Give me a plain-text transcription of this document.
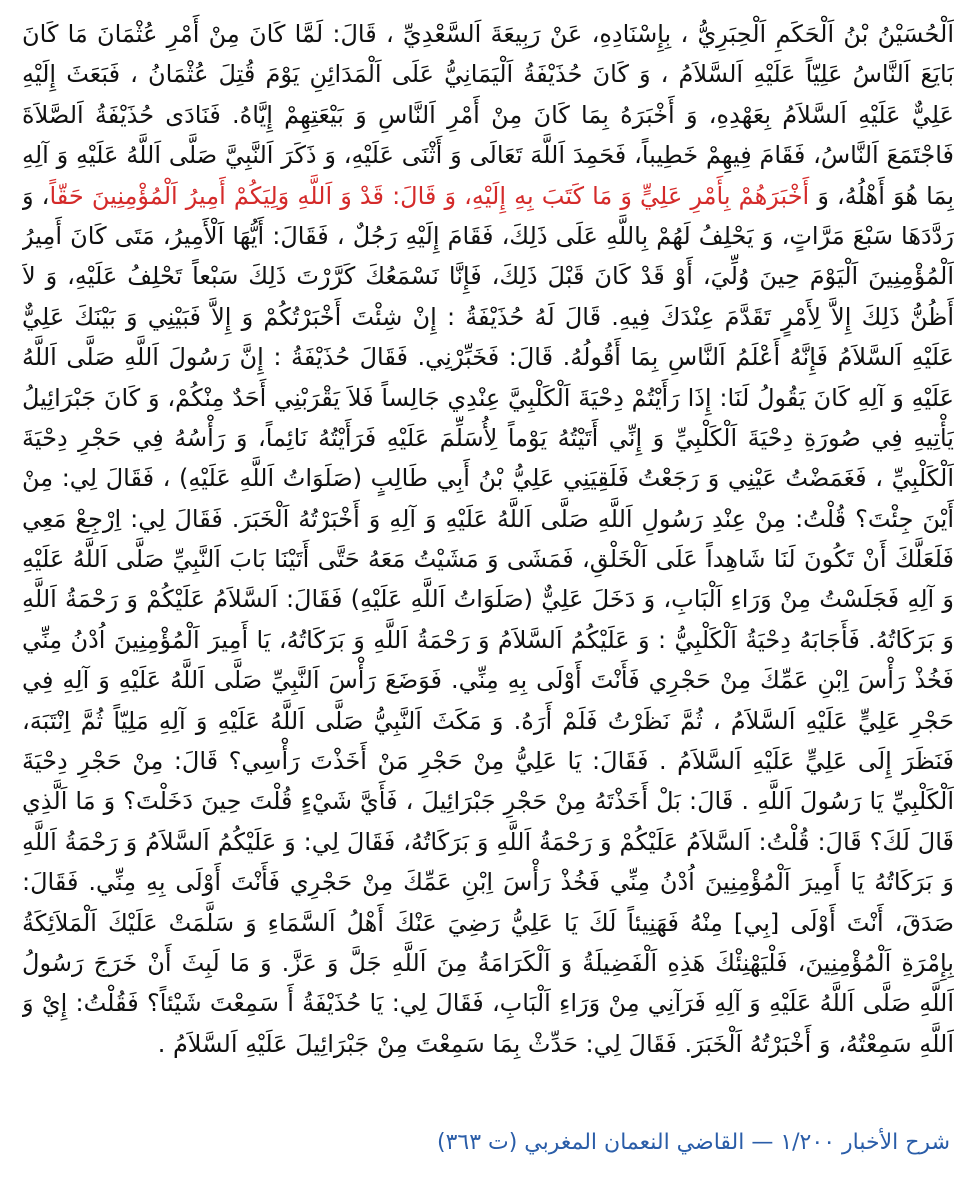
اَلْحُسَيْنُ بْنُ اَلْحَكَمِ اَلْحِبَرِيُّ ، بِإِسْنَادِهِ، عَنْ رَبِيعَةَ اَلسَّعْدِيِّ ، قَالَ: لَمَّا كَانَ مِنْ أَمْرِ عُثْمَانَ مَا كَانَ بَايَعَ اَلنَّاسُ عَلِيّاً عَلَيْهِ اَلسَّلاَمُ ، وَ كَانَ حُذَيْفَةُ اَلْيَمَانِيُّ عَلَى اَلْمَدَائِنِ يَوْمَ قُتِلَ عُثْمَانُ ، فَبَعَثَ إِلَيْهِ عَلِيٌّ عَلَيْهِ اَلسَّلاَمُ بِعَهْدِهِ، وَ أَخْبَرَهُ بِمَا كَانَ مِنْ أَمْرِ اَلنَّاسِ وَ بَيْعَتِهِمْ إِيَّاهُ. فَنَادَى حُذَيْفَةُ اَلصَّلاَةَ فَاجْتَمَعَ اَلنَّاسُ، فَقَامَ فِيهِمْ خَطِيباً، فَحَمِدَ اَللَّهَ تَعَالَى وَ أَثْنَى عَلَيْهِ، وَ ذَكَرَ اَلنَّبِيَّ صَلَّى اَللَّهُ عَلَيْهِ وَ آلِهِ بِمَا هُوَ أَهْلُهُ، وَ أَخْبَرَهُمْ بِأَمْرِ عَلِيٍّ وَ مَا كَتَبَ بِهِ إِلَيْهِ، وَ قَالَ: قَدْ وَ اَللَّهِ وَلِيَكُمْ أَمِيرُ اَلْمُؤْمِنِينَ حَقّاً، وَ رَدَّدَهَا سَبْعَ مَرَّاتٍ، وَ يَحْلِفُ لَهُمْ بِاللَّهِ عَلَى ذَلِكَ، فَقَامَ إِلَيْهِ رَجُلٌ ، فَقَالَ: أَيُّهَا اَلْأَمِيرُ، مَتَى كَانَ أَمِيرُ اَلْمُؤْمِنِينَ اَلْيَوْمَ حِينَ وُلِّيَ، أَوْ قَدْ كَانَ قَبْلَ ذَلِكَ، فَإِنَّا نَسْمَعُكَ كَرَّرْتَ ذَلِكَ سَبْعاً تَحْلِفُ عَلَيْهِ، وَ لاَ أَظُنُّ ذَلِكَ إِلاَّ لِأَمْرٍ تَقَدَّمَ عِنْدَكَ فِيهِ. قَالَ لَهُ حُذَيْفَةُ : إِنْ شِئْتَ أَخْبَرْتُكُمْ وَ إِلاَّ فَبَيْنِي وَ بَيْنَكَ عَلِيٌّ عَلَيْهِ اَلسَّلاَمُ فَإِنَّهُ أَعْلَمُ اَلنَّاسِ بِمَا أَقُولُهُ. قَالَ: فَخَبِّرْنِي. فَقَالَ حُذَيْفَةُ : إِنَّ رَسُولَ اَللَّهِ صَلَّى اَللَّهُ عَلَيْهِ وَ آلِهِ كَانَ يَقُولُ لَنَا: إِذَا رَأَيْتُمْ دِحْيَةَ اَلْكَلْبِيَّ عِنْدِي جَالِساً فَلاَ يَقْرَبْنِي أَحَدٌ مِنْكُمْ، وَ كَانَ جَبْرَائِيلُ يَأْتِيهِ فِي صُورَةِ دِحْيَةَ اَلْكَلْبِيِّ وَ إِنِّي أَتَيْتُهُ يَوْماً لِأُسَلِّمَ عَلَيْهِ فَرَأَيْتُهُ نَائِماً، وَ رَأْسُهُ فِي حَجْرِ دِحْيَةَ اَلْكَلْبِيِّ ، فَغَمَضْتُ عَيْنِي وَ رَجَعْتُ فَلَقِيَنِي عَلِيُّ بْنُ أَبِي طَالِبٍ (صَلَوَاتُ اَللَّهِ عَلَيْهِ) ، فَقَالَ لِي: مِنْ أَيْنَ جِئْتَ؟ قُلْتُ: مِنْ عِنْدِ رَسُولِ اَللَّهِ صَلَّى اَللَّهُ عَلَيْهِ وَ آلِهِ وَ أَخْبَرْتُهُ اَلْخَبَرَ. فَقَالَ لِي: اِرْجِعْ مَعِي فَلَعَلَّكَ أَنْ تَكُونَ لَنَا شَاهِداً عَلَى اَلْخَلْقِ، فَمَشَى وَ مَشَيْتُ مَعَهُ حَتَّى أَتَيْنَا بَابَ اَلنَّبِيِّ صَلَّى اَللَّهُ عَلَيْهِ وَ آلِهِ فَجَلَسْتُ مِنْ وَرَاءِ اَلْبَابِ، وَ دَخَلَ عَلِيٌّ (صَلَوَاتُ اَللَّهِ عَلَيْهِ) فَقَالَ: اَلسَّلاَمُ عَلَيْكُمْ وَ رَحْمَةُ اَللَّهِ وَ بَرَكَاتُهُ. فَأَجَابَهُ دِحْيَةُ اَلْكَلْبِيُّ : وَ عَلَيْكُمُ اَلسَّلاَمُ وَ رَحْمَةُ اَللَّهِ وَ بَرَكَاتُهُ، يَا أَمِيرَ اَلْمُؤْمِنِينَ اُدْنُ مِنِّي فَخُذْ رَأْسَ اِبْنِ عَمِّكَ مِنْ حَجْرِي فَأَنْتَ أَوْلَى بِهِ مِنِّي. فَوَضَعَ رَأْسَ اَلنَّبِيِّ صَلَّى اَللَّهُ عَلَيْهِ وَ آلِهِ فِي حَجْرِ عَلِيٍّ عَلَيْهِ اَلسَّلاَمُ ، ثُمَّ نَظَرْتُ فَلَمْ أَرَهُ. وَ مَكَثَ اَلنَّبِيُّ صَلَّى اَللَّهُ عَلَيْهِ وَ آلِهِ مَلِيّاً ثُمَّ اِنْتَبَهَ، فَنَظَرَ إِلَى عَلِيٍّ عَلَيْهِ اَلسَّلاَمُ . فَقَالَ: يَا عَلِيُّ مِنْ حَجْرِ مَنْ أَخَذْتَ رَأْسِي؟ قَالَ: مِنْ حَجْرِ دِحْيَةَ اَلْكَلْبِيِّ يَا رَسُولَ اَللَّهِ . قَالَ: بَلْ أَخَذْتَهُ مِنْ حَجْرِ جَبْرَائِيلَ ، فَأَيَّ شَيْءٍ قُلْتَ حِينَ دَخَلْتَ؟ وَ مَا اَلَّذِي قَالَ لَكَ؟ قَالَ: قُلْتُ: اَلسَّلاَمُ عَلَيْكُمْ وَ رَحْمَةُ اَللَّهِ وَ بَرَكَاتُهُ، فَقَالَ لِي: وَ عَلَيْكُمُ اَلسَّلاَمُ وَ رَحْمَةُ اَللَّهِ وَ بَرَكَاتُهُ يَا أَمِيرَ اَلْمُؤْمِنِينَ اُدْنُ مِنِّي فَخُذْ رَأْسَ اِبْنِ عَمِّكَ مِنْ حَجْرِي فَأَنْتَ أَوْلَى بِهِ مِنِّي. فَقَالَ: صَدَقَ، أَنْتَ أَوْلَى [بِي] مِنْهُ فَهَنِيئاً لَكَ يَا عَلِيُّ رَضِيَ عَنْكَ أَهْلُ اَلسَّمَاءِ وَ سَلَّمَتْ عَلَيْكَ اَلْمَلاَئِكَةُ بِإِمْرَةِ اَلْمُؤْمِنِينَ، فَلْيَهْنِئْكَ هَذِهِ اَلْفَضِيلَةُ وَ اَلْكَرَامَةُ مِنَ اَللَّهِ جَلَّ وَ عَزَّ. وَ مَا لَبِثَ أَنْ خَرَجَ رَسُولُ اَللَّهِ صَلَّى اَللَّهُ عَلَيْهِ وَ آلِهِ فَرَآنِي مِنْ وَرَاءِ اَلْبَابِ، فَقَالَ لِي: يَا حُذَيْفَةُ أَ سَمِعْتَ شَيْئاً؟ فَقُلْتُ: إِيْ وَ اَللَّهِ سَمِعْتُهُ، وَ أَخْبَرْتُهُ اَلْخَبَرَ. فَقَالَ لِي: حَدِّثْ بِمَا سَمِعْتَ مِنْ جَبْرَائِيلَ عَلَيْهِ اَلسَّلاَمُ .
شرح الأخبار ١/٢٠٠ — القاضي النعمان المغربي (ت ٣٦٣)
